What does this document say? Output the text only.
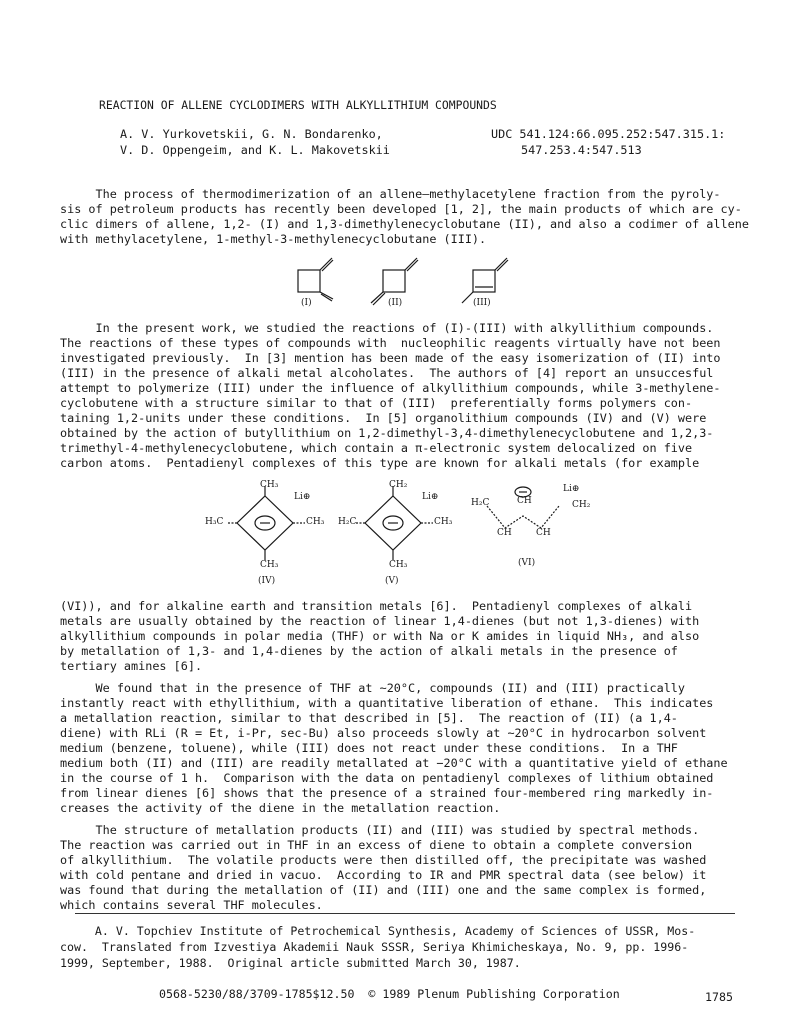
REACTION OF ALLENE CYCLODIMERS WITH ALKYLLITHIUM COMPOUNDS
A. V. Yurkovetskii, G. N. Bondarenko,
V. D. Oppengeim, and K. L. Makovetskii
UDC 541.124:66.095.252:547.315.1:
547.253.4:547.513
The process of thermodimerization of an allene—methylacetylene fraction from the pyroly-
sis of petroleum products has recently been developed [1, 2], the main products of which are cy-
clic dimers of allene, 1,2- (I) and 1,3-dimethylenecyclobutane (II), and also a codimer of allene
with methylacetylene, 1-methyl-3-methylenecyclobutane (III).
(I)	(II)	(III)
In the present work, we studied the reactions of (I)-(III) with alkyllithium compounds.
The reactions of these types of compounds with  nucleophilic reagents virtually have not been
investigated previously.  In [3] mention has been made of the easy isomerization of (II) into
(III) in the presence of alkali metal alcoholates.  The authors of [4] report an unsuccesful
attempt to polymerize (III) under the influence of alkyllithium compounds, while 3-methylene-
cyclobutene with a structure similar to that of (III)  preferentially forms polymers con-
taining 1,2-units under these conditions.  In [5] organolithium compounds (IV) and (V) were
obtained by the action of butyllithium on 1,2-dimethyl-3,4-dimethylenecyclobutene and 1,2,3-
trimethyl-4-methylenecyclobutene, which contain a π-electronic system delocalized on five
carbon atoms.  Pentadienyl complexes of this type are known for alkali metals (for example
CH₃
Li⊕
H₃C	CH₃
CH₃
(IV)
CH₂
Li⊕
H₂C	CH₃
CH₃
(V)
Li⊕
CH
H₂C	CH₂
CH	CH
(VI)
(VI)), and for alkaline earth and transition metals [6].  Pentadienyl complexes of alkali
metals are usually obtained by the reaction of linear 1,4-dienes (but not 1,3-dienes) with
alkyllithium compounds in polar media (THF) or with Na or K amides in liquid NH₃, and also
by metallation of 1,3- and 1,4-dienes by the action of alkali metals in the presence of
tertiary amines [6].
We found that in the presence of THF at ~20°C, compounds (II) and (III) practically
instantly react with ethyllithium, with a quantitative liberation of ethane.  This indicates
a metallation reaction, similar to that described in [5].  The reaction of (II) (a 1,4-
diene) with RLi (R = Et, i-Pr, sec-Bu) also proceeds slowly at ~20°C in hydrocarbon solvent
medium (benzene, toluene), while (III) does not react under these conditions.  In a THF
medium both (II) and (III) are readily metallated at −20°C with a quantitative yield of ethane
in the course of 1 h.  Comparison with the data on pentadienyl complexes of lithium obtained
from linear dienes [6] shows that the presence of a strained four-membered ring markedly in-
creases the activity of the diene in the metallation reaction.
The structure of metallation products (II) and (III) was studied by spectral methods.
The reaction was carried out in THF in an excess of diene to obtain a complete conversion
of alkyllithium.  The volatile products were then distilled off, the precipitate was washed
with cold pentane and dried in vacuo.  According to IR and PMR spectral data (see below) it
was found that during the metallation of (II) and (III) one and the same complex is formed,
which contains several THF molecules.
A. V. Topchiev Institute of Petrochemical Synthesis, Academy of Sciences of USSR, Mos-
cow.  Translated from Izvestiya Akademii Nauk SSSR, Seriya Khimicheskaya, No. 9, pp. 1996-
1999, September, 1988.  Original article submitted March 30, 1987.
0568-5230/88/3709-1785$12.50  © 1989 Plenum Publishing Corporation	1785
